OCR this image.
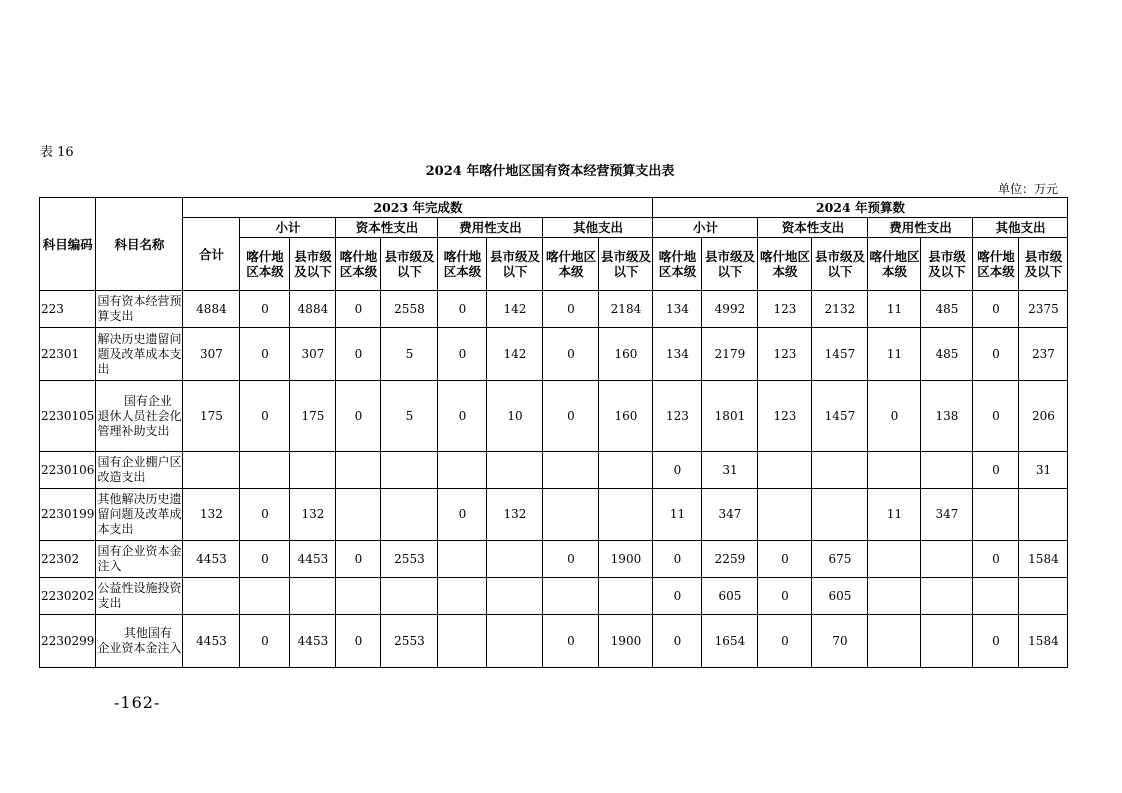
表 16
2024 年喀什地区国有资本经营预算支出表
单位：万元
科目编码	科目名称	2023 年完成数									2024 年预算数							
		合计	小计		资本性支出		费用性支出		其他支出		小计		资本性支出		费用性支出		其他支出	
			喀什地区本级	县市级及以下	喀什地区本级	县市级及以下	喀什地区本级	县市级及以下	喀什地区本级	县市级及以下	喀什地区本级	县市级及以下	喀什地区本级	县市级及以下	喀什地区本级	县市级及以下	喀什地区本级	县市级及以下
223	国有资本经营预算支出	4884	0	4884	0	2558	0	142	0	2184	134	4992	123	2132	11	485	0	2375
22301	解决历史遗留问题及改革成本支出	307	0	307	0	5	0	142	0	160	134	2179	123	1457	11	485	0	237
2230105	国有企业退休人员社会化管理补助支出	175	0	175	0	5	0	10	0	160	123	1801	123	1457	0	138	0	206
2230106	国有企业棚户区改造支出										0	31					0	31
2230199	其他解决历史遗留问题及改革成本支出	132	0	132			0	132			11	347			11	347		
22302	国有企业资本金注入	4453	0	4453	0	2553			0	1900	0	2259	0	675			0	1584
2230202	公益性设施投资支出										0	605	0	605				
2230299	其他国有企业资本金注入	4453	0	4453	0	2553			0	1900	0	1654	0	70			0	1584
-162-
